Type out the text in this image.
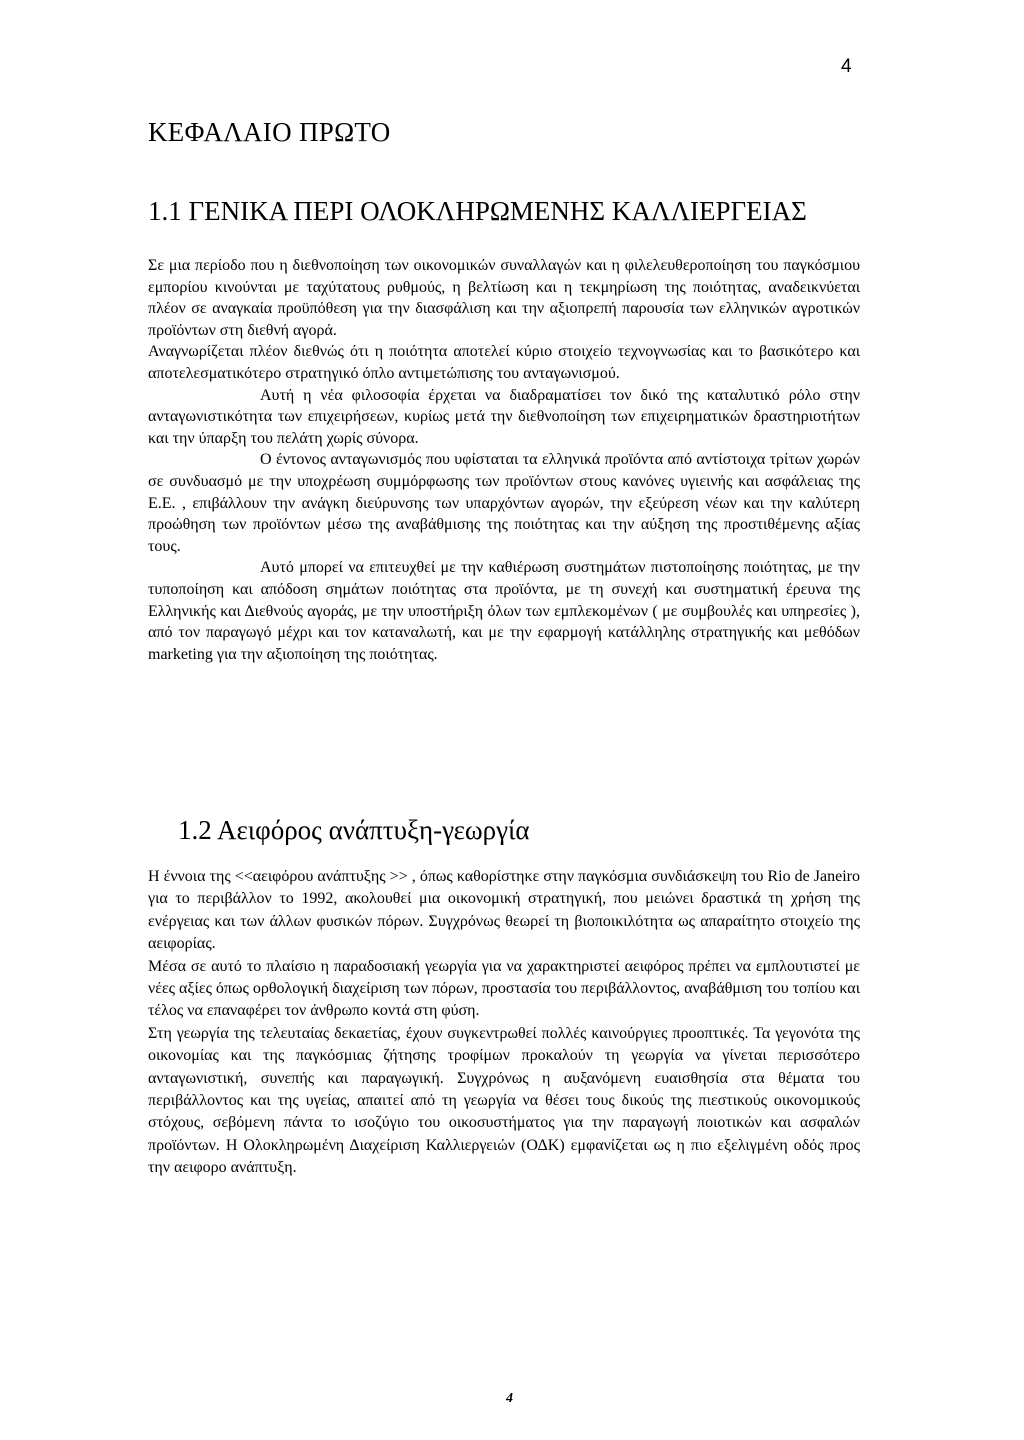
4
ΚΕΦΑΛΑΙΟ ΠΡΩΤΟ
1.1 ΓΕΝΙΚΑ ΠΕΡΙ ΟΛΟΚΛΗΡΩΜΕΝΗΣ ΚΑΛΛΙΕΡΓΕΙΑΣ

Σε μια περίοδο που η διεθνοποίηση των οικονομικών συναλλαγών και η φιλελευθεροποίηση του παγκόσμιου εμπορίου κινούνται με ταχύτατους ρυθμούς, η βελτίωση και η τεκμηρίωση της ποιότητας, αναδεικνύεται πλέον σε αναγκαία προϋπόθεση για την διασφάλιση και την αξιοπρεπή παρουσία των ελληνικών αγροτικών προϊόντων στη διεθνή αγορά.

Αναγνωρίζεται πλέον διεθνώς ότι η ποιότητα αποτελεί κύριο στοιχείο τεχνογνωσίας και το βασικότερο και αποτελεσματικότερο στρατηγικό όπλο αντιμετώπισης του ανταγωνισμού.

Αυτή η νέα φιλοσοφία έρχεται να διαδραματίσει τον δικό της καταλυτικό ρόλο στην ανταγωνιστικότητα των επιχειρήσεων, κυρίως μετά την διεθνοποίηση των επιχειρηματικών δραστηριοτήτων και την ύπαρξη του πελάτη χωρίς σύνορα.

Ο έντονος ανταγωνισμός που υφίσταται τα ελληνικά προϊόντα από αντίστοιχα τρίτων χωρών σε συνδυασμό με την υποχρέωση συμμόρφωσης των προϊόντων στους κανόνες υγιεινής και ασφάλειας της Ε.Ε. , επιβάλλουν την ανάγκη διεύρυνσης των υπαρχόντων αγορών, την εξεύρεση νέων και την καλύτερη προώθηση των προϊόντων μέσω της αναβάθμισης της ποιότητας και την αύξηση της προστιθέμενης αξίας τους.

Αυτό μπορεί να επιτευχθεί με την καθιέρωση συστημάτων πιστοποίησης ποιότητας, με την τυποποίηση και απόδοση σημάτων ποιότητας στα προϊόντα, με τη συνεχή και συστηματική έρευνα της Ελληνικής και Διεθνούς αγοράς, με την υποστήριξη όλων των εμπλεκομένων ( με συμβουλές και υπηρεσίες ), από τον παραγωγό μέχρι και τον καταναλωτή, και με την εφαρμογή κατάλληλης στρατηγικής και μεθόδων marketing για την αξιοποίηση της ποιότητας.

1.2 Αειφόρος ανάπτυξη-γεωργία

Η έννοια της <<αειφόρου ανάπτυξης >> , όπως καθορίστηκε στην παγκόσμια συνδιάσκεψη του Rio de Janeiro για το περιβάλλον το 1992, ακολουθεί μια οικονομική στρατηγική, που μειώνει δραστικά τη χρήση της ενέργειας και των άλλων φυσικών πόρων. Συγχρόνως θεωρεί τη βιοποικιλότητα ως απαραίτητο στοιχείο της αειφορίας.

Μέσα σε αυτό το πλαίσιο η παραδοσιακή γεωργία για να χαρακτηριστεί αειφόρος πρέπει να εμπλουτιστεί με νέες αξίες όπως ορθολογική διαχείριση των πόρων, προστασία του περιβάλλοντος, αναβάθμιση του τοπίου και τέλος να επαναφέρει τον άνθρωπο κοντά στη φύση.

Στη γεωργία της τελευταίας δεκαετίας, έχουν συγκεντρωθεί πολλές καινούργιες προοπτικές. Τα γεγονότα της οικονομίας και της παγκόσμιας ζήτησης τροφίμων προκαλούν τη γεωργία να γίνεται περισσότερο ανταγωνιστική, συνεπής και παραγωγική. Συγχρόνως η αυξανόμενη ευαισθησία στα θέματα του περιβάλλοντος και της υγείας, απαιτεί από τη γεωργία να θέσει τους δικούς της πιεστικούς οικονομικούς στόχους, σεβόμενη πάντα το ισοζύγιο του οικοσυστήματος για την παραγωγή ποιοτικών και ασφαλών προϊόντων. Η Ολοκληρωμένη Διαχείριση Καλλιεργειών (ΟΔΚ) εμφανίζεται ως η πιο εξελιγμένη οδός προς την αειφορο ανάπτυξη.

4
